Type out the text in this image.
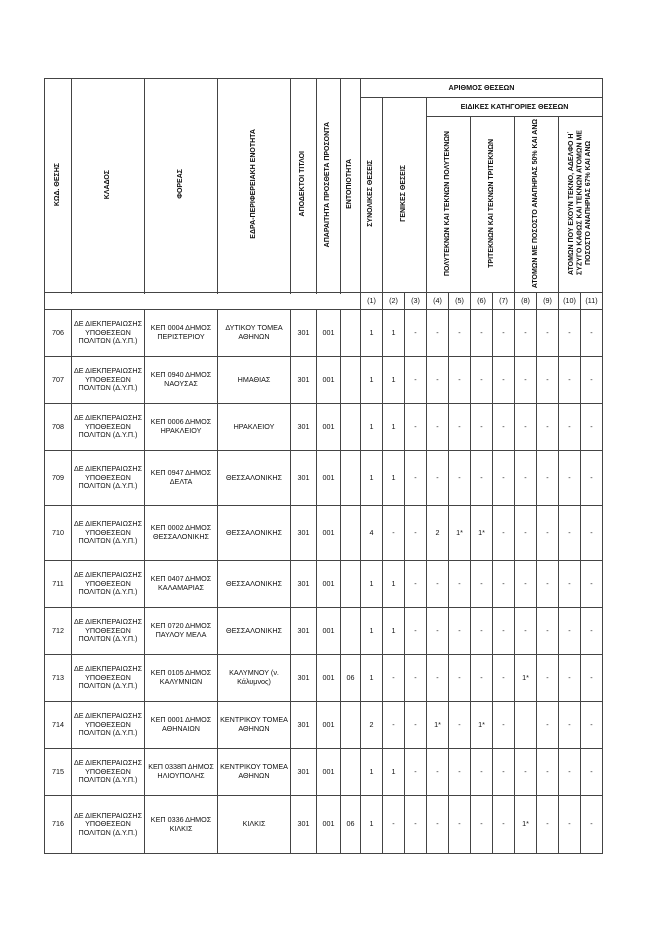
ΚΩΔ. ΘΕΣΗΣ	ΚΛΑΔΟΣ	ΦΟΡΕΑΣ	ΕΔΡΑ-ΠΕΡΙΦΕΡΕΙΑΚΗ ΕΝΟΤΗΤΑ	ΑΠΟΔΕΚΤΟΙ ΤΙΤΛΟΙ	ΑΠΑΡΑΙΤΗΤΑ ΠΡΟΣΘΕΤΑ ΠΡΟΣΟΝΤΑ	ΕΝΤΟΠΙΟΤΗΤΑ	ΑΡΙΘΜΟΣ ΘΕΣΕΩΝ										
							ΣΥΝΟΛΙΚΕΣ ΘΕΣΕΙΣ	ΓΕΝΙΚΕΣ ΘΕΣΕΙΣ		ΕΙΔΙΚΕΣ ΚΑΤΗΓΟΡΙΕΣ ΘΕΣΕΩΝ							
										ΠΟΛΥΤΕΚΝΩΝ ΚΑΙ ΤΕΚΝΩΝ ΠΟΛΥΤΕΚΝΩΝ		ΤΡΙΤΕΚΝΩΝ ΚΑΙ ΤΕΚΝΩΝ ΤΡΙΤΕΚΝΩΝ		ΑΤΟΜΩΝ ΜΕ ΠΟΣΟΣΤΟ ΑΝΑΠΗΡΙΑΣ 50% ΚΑΙ ΑΝΩ		ΑΤΟΜΩΝ ΠΟΥ ΕΧΟΥΝ ΤΕΚΝΟ, ΑΔΕΛΦΟ Η΄ ΣΥΖΥΓΟ ΚΑΘΩΣ ΚΑΙ ΤΕΚΝΩΝ ΑΤΟΜΩΝ ΜΕ ΠΟΣΟΣΤΟ ΑΝΑΠΗΡΙΑΣ 67% ΚΑΙ ΑΝΩ	

							(1)	(2)	(3)	(4)	(5)	(6)	(7)	(8)	(9)	(10)	(11)
706	ΔΕ ΔΙΕΚΠΕΡΑΙΩΣΗΣ ΥΠΟΘΕΣΕΩΝ ΠΟΛΙΤΩΝ (Δ.Υ.Π.)	ΚΕΠ 0004 ΔΗΜΟΣ ΠΕΡΙΣΤΕΡΙΟΥ	ΔΥΤΙΚΟΥ ΤΟΜΕΑ ΑΘΗΝΩΝ	301	001		1	1	-	-	-	-	-	-	-	-	-
707	ΔΕ ΔΙΕΚΠΕΡΑΙΩΣΗΣ ΥΠΟΘΕΣΕΩΝ ΠΟΛΙΤΩΝ (Δ.Υ.Π.)	ΚΕΠ 0940 ΔΗΜΟΣ ΝΑΟΥΣΑΣ	ΗΜΑΘΙΑΣ	301	001		1	1	-	-	-	-	-	-	-	-	-
708	ΔΕ ΔΙΕΚΠΕΡΑΙΩΣΗΣ ΥΠΟΘΕΣΕΩΝ ΠΟΛΙΤΩΝ (Δ.Υ.Π.)	ΚΕΠ 0006 ΔΗΜΟΣ ΗΡΑΚΛΕΙΟΥ	ΗΡΑΚΛΕΙΟΥ	301	001		1	1	-	-	-	-	-	-	-	-	-
709	ΔΕ ΔΙΕΚΠΕΡΑΙΩΣΗΣ ΥΠΟΘΕΣΕΩΝ ΠΟΛΙΤΩΝ (Δ.Υ.Π.)	ΚΕΠ 0947 ΔΗΜΟΣ ΔΕΛΤΑ	ΘΕΣΣΑΛΟΝΙΚΗΣ	301	001		1	1	-	-	-	-	-	-	-	-	-
710	ΔΕ ΔΙΕΚΠΕΡΑΙΩΣΗΣ ΥΠΟΘΕΣΕΩΝ ΠΟΛΙΤΩΝ (Δ.Υ.Π.)	ΚΕΠ 0002 ΔΗΜΟΣ ΘΕΣΣΑΛΟΝΙΚΗΣ	ΘΕΣΣΑΛΟΝΙΚΗΣ	301	001		4	-	-	2	1*	1*	-	-	-	-	-
711	ΔΕ ΔΙΕΚΠΕΡΑΙΩΣΗΣ ΥΠΟΘΕΣΕΩΝ ΠΟΛΙΤΩΝ (Δ.Υ.Π.)	ΚΕΠ 0407 ΔΗΜΟΣ ΚΑΛΑΜΑΡΙΑΣ	ΘΕΣΣΑΛΟΝΙΚΗΣ	301	001		1	1	-	-	-	-	-	-	-	-	-
712	ΔΕ ΔΙΕΚΠΕΡΑΙΩΣΗΣ ΥΠΟΘΕΣΕΩΝ ΠΟΛΙΤΩΝ (Δ.Υ.Π.)	ΚΕΠ 0720 ΔΗΜΟΣ ΠΑΥΛΟΥ ΜΕΛΑ	ΘΕΣΣΑΛΟΝΙΚΗΣ	301	001		1	1	-	-	-	-	-	-	-	-	-
713	ΔΕ ΔΙΕΚΠΕΡΑΙΩΣΗΣ ΥΠΟΘΕΣΕΩΝ ΠΟΛΙΤΩΝ (Δ.Υ.Π.)	ΚΕΠ 0105 ΔΗΜΟΣ ΚΑΛΥΜΝΙΩΝ	ΚΑΛΥΜΝΟΥ (ν. Κάλυμνος)	301	001	06	1	-	-	-	-	-	-	1*	-	-	-
714	ΔΕ ΔΙΕΚΠΕΡΑΙΩΣΗΣ ΥΠΟΘΕΣΕΩΝ ΠΟΛΙΤΩΝ (Δ.Υ.Π.)	ΚΕΠ 0001 ΔΗΜΟΣ ΑΘΗΝΑΙΩΝ	ΚΕΝΤΡΙΚΟΥ ΤΟΜΕΑ ΑΘΗΝΩΝ	301	001		2	-	-	1*	-	1*	-		-	-	-
715	ΔΕ ΔΙΕΚΠΕΡΑΙΩΣΗΣ ΥΠΟΘΕΣΕΩΝ ΠΟΛΙΤΩΝ (Δ.Υ.Π.)	ΚΕΠ 0338Π ΔΗΜΟΣ ΗΛΙΟΥΠΟΛΗΣ	ΚΕΝΤΡΙΚΟΥ ΤΟΜΕΑ ΑΘΗΝΩΝ	301	001		1	1	-	-	-	-	-	-	-	-	-
716	ΔΕ ΔΙΕΚΠΕΡΑΙΩΣΗΣ ΥΠΟΘΕΣΕΩΝ ΠΟΛΙΤΩΝ (Δ.Υ.Π.)	ΚΕΠ 0336 ΔΗΜΟΣ ΚΙΛΚΙΣ	ΚΙΛΚΙΣ	301	001	06	1	-	-	-	-	-	-	1*	-	-	-
